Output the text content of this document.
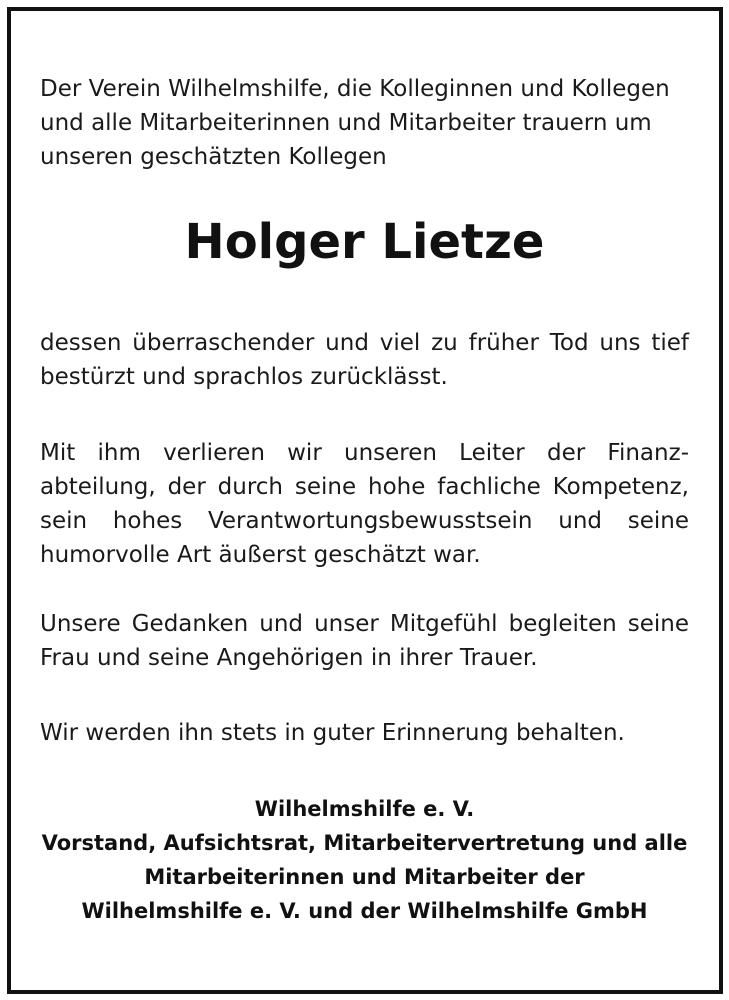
Der Verein Wilhelmshilfe, die Kolleginnen und Kollegen
und alle Mitarbeiterinnen und Mitarbeiter trauern um
unseren geschätzten Kollegen
Holger Lietze

dessen überraschender und viel zu früher Tod uns tief bestürzt und sprachlos zurücklässt.

Mit ihm verlieren wir unseren Leiter der Finanzabteilung, der durch seine hohe fachliche Kompetenz, sein hohes Verantwortungsbewusstsein und seine humorvolle Art äußerst geschätzt war.

Unsere Gedanken und unser Mitgefühl begleiten seine Frau und seine Angehörigen in ihrer Trauer.

Wir werden ihn stets in guter Erinnerung behalten.

Wilhelmshilfe e. V.
Vorstand, Aufsichtsrat, Mitarbeitervertretung und alle
Mitarbeiterinnen und Mitarbeiter der
Wilhelmshilfe e. V. und der Wilhelmshilfe GmbH
